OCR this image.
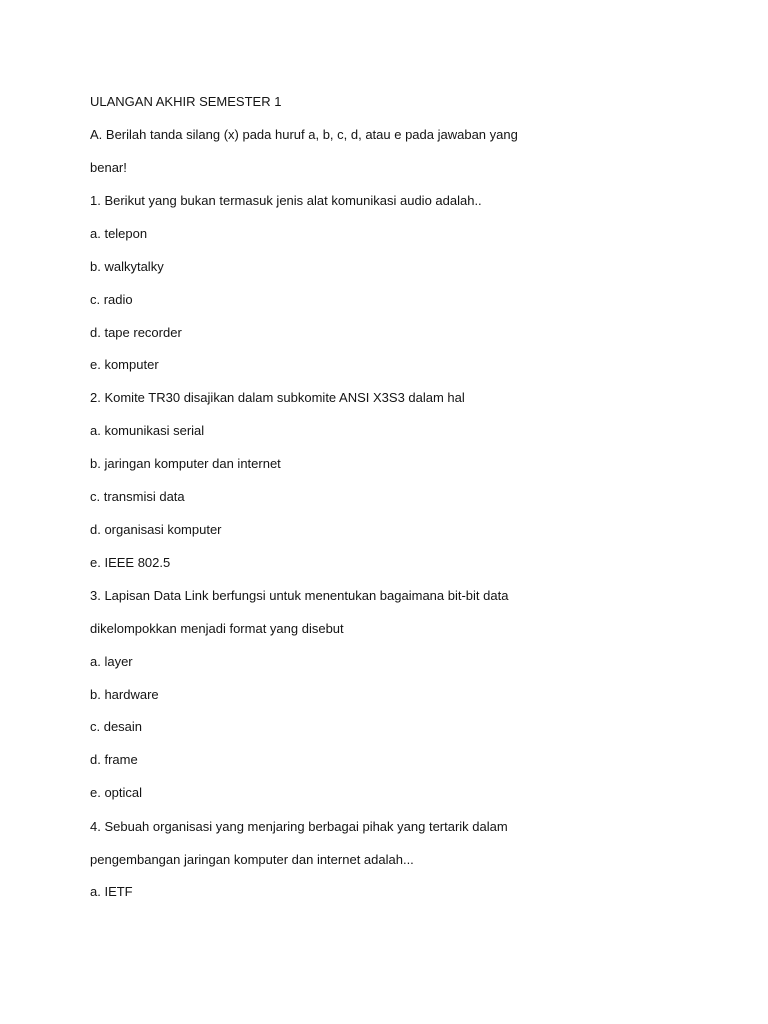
ULANGAN AKHIR SEMESTER 1

A. Berilah tanda silang (x) pada huruf a, b, c, d, atau e pada jawaban yang

benar!

1. Berikut yang bukan termasuk jenis alat komunikasi audio adalah..

a. telepon

b. walkytalky

c. radio

d. tape recorder

e. komputer

2. Komite TR30 disajikan dalam subkomite ANSI X3S3 dalam hal

a. komunikasi serial

b. jaringan komputer dan internet

c. transmisi data

d. organisasi komputer

e. IEEE 802.5

3. Lapisan Data Link berfungsi untuk menentukan bagaimana bit-bit data

dikelompokkan menjadi format yang disebut

a. layer

b. hardware

c. desain

d. frame

e. optical

4. Sebuah organisasi yang menjaring berbagai pihak yang tertarik dalam

pengembangan jaringan komputer dan internet adalah...

a. IETF
